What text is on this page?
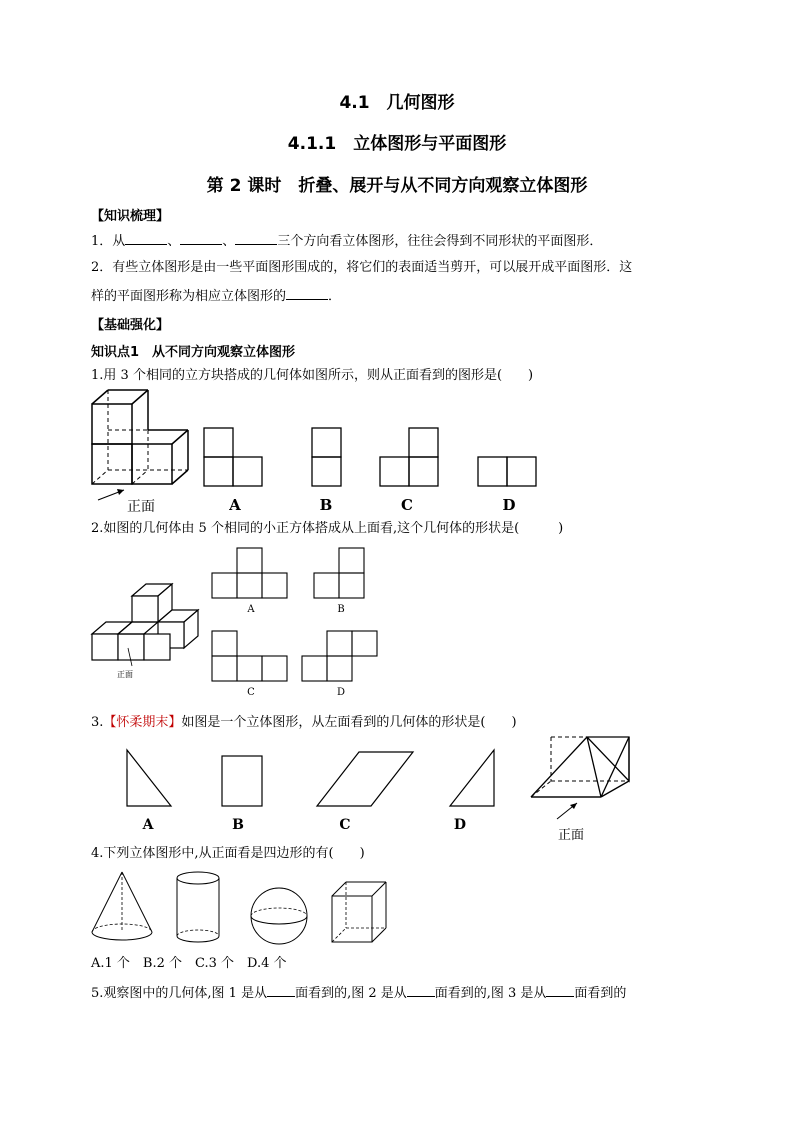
4.1　几何图形
4.1.1　立体图形与平面图形
第 2 课时　折叠、展开与从不同方向观察立体图形
【知识梳理】
1．从	、	、	三个方向看立体图形，往往会得到不同形状的平面图形．
2．有些立体图形是由一些平面图形围成的，将它们的表面适当剪开，可以展开成平面图形．这
样的平面图形称为相应立体图形的	．
【基础强化】
知识点1　从不同方向观察立体图形
1.用 3 个相同的立方块搭成的几何体如图所示，则从正面看到的图形是(　　)
正面	A	B	C	D
2.如图的几何体由 5 个相同的小正方体搭成从上面看,这个几何体的形状是(　　　)
正面
A	B
C	D
3.【怀柔期末】如图是一个立体图形，从左面看到的几何体的形状是(　　)
A	B	C	D
正面
4.下列立体图形中,从正面看是四边形的有(　　)
A.1 个　B.2 个　C.3 个　D.4 个
5.观察图中的几何体,图 1 是从 面看到的,图 2 是从 面看到的,图 3 是从 面看到的
